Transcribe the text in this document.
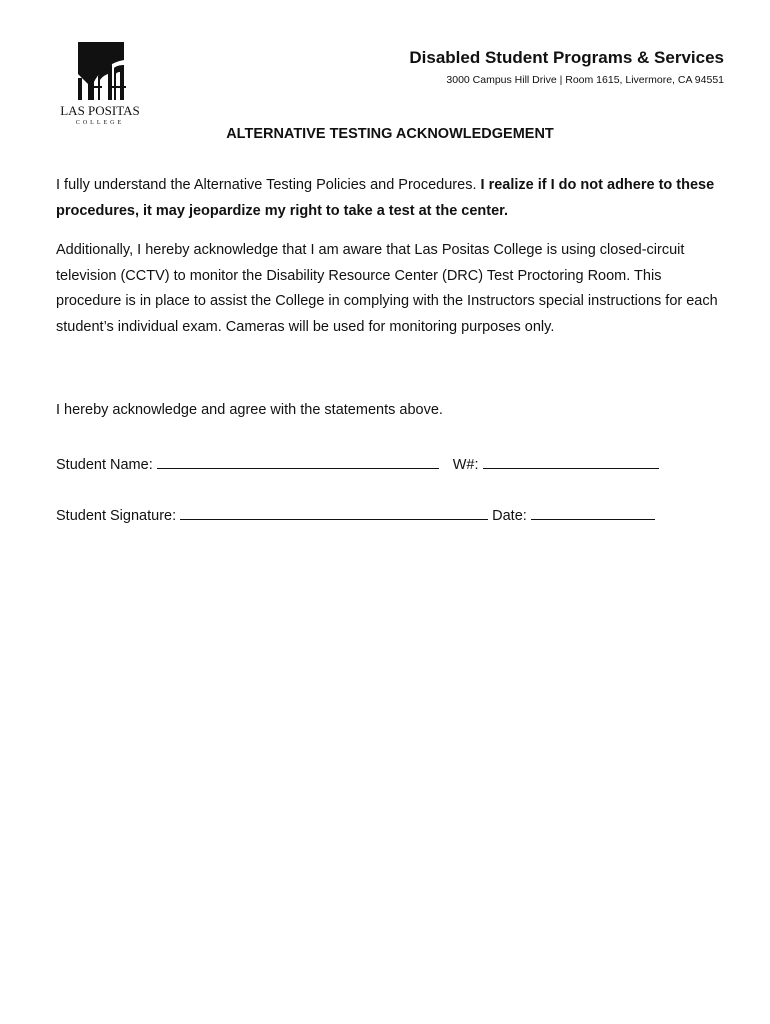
LAS POSITAS
COLLEGE
Disabled Student Programs & Services
3000 Campus Hill Drive | Room 1615, Livermore, CA 94551
ALTERNATIVE TESTING ACKNOWLEDGEMENT
I fully understand the Alternative Testing Policies and Procedures. I realize if I do not adhere to these procedures, it may jeopardize my right to take a test at the center.
Additionally, I hereby acknowledge that I am aware that Las Positas College is using closed-circuit television (CCTV) to monitor the Disability Resource Center (DRC) Test Proctoring Room. This procedure is in place to assist the College in complying with the Instructors special instructions for each student’s individual exam. Cameras will be used for monitoring purposes only.
I hereby acknowledge and agree with the statements above.
Student Name:	W#:
Student Signature:	Date:
